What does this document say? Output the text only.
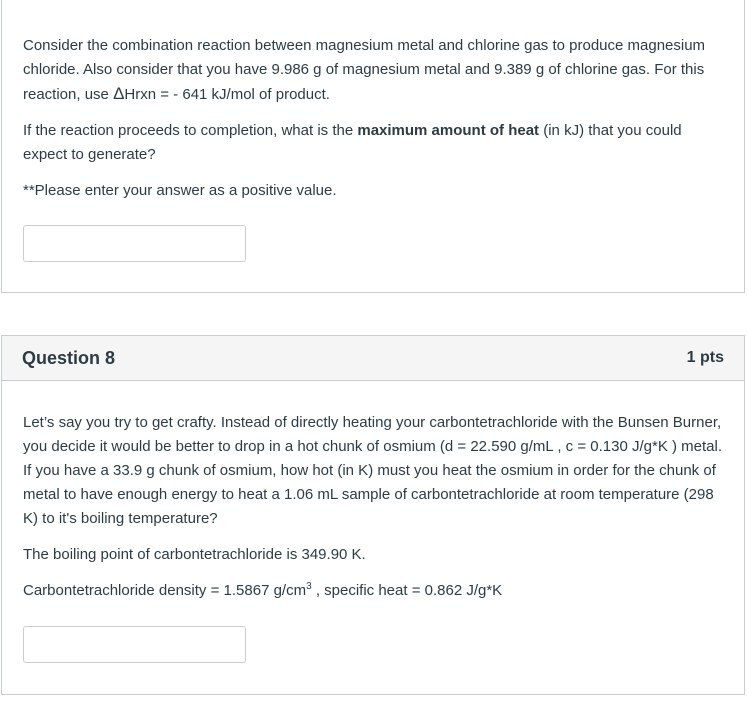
Consider the combination reaction between magnesium metal and chlorine gas to produce magnesium chloride. Also consider that you have 9.986 g of magnesium metal and 9.389 g of chlorine gas. For this reaction, use ΔHrxn = - 641 kJ/mol of product.

If the reaction proceeds to completion, what is the maximum amount of heat (in kJ) that you could expect to generate?

**Please enter your answer as a positive value.

Question 8	1 pts

Let’s say you try to get crafty. Instead of directly heating your carbontetrachloride with the Bunsen Burner, you decide it would be better to drop in a hot chunk of osmium (d = 22.590 g/mL , c = 0.130 J/g*K ) metal. If you have a 33.9 g chunk of osmium, how hot (in K) must you heat the osmium in order for the chunk of metal to have enough energy to heat a 1.06 mL sample of carbontetrachloride at room temperature (298 K) to it's boiling temperature?

The boiling point of carbontetrachloride is 349.90 K.

Carbontetrachloride density = 1.5867 $g/cm^3$ , specific heat = 0.862 J/g*K
